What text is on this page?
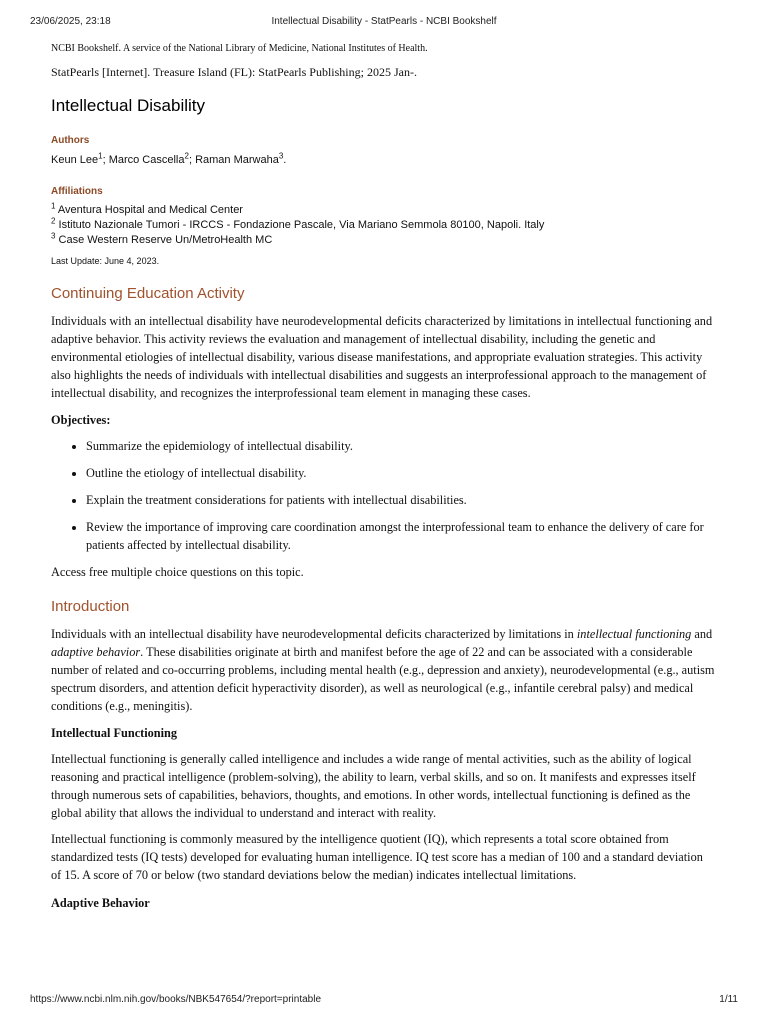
23/06/2025, 23:18	Intellectual Disability - StatPearls - NCBI Bookshelf

NCBI Bookshelf. A service of the National Library of Medicine, National Institutes of Health.

StatPearls [Internet]. Treasure Island (FL): StatPearls Publishing; 2025 Jan-.

Intellectual Disability

Authors

Keun Lee$^1$; Marco Cascella$^2$; Raman Marwaha$^3$.

Affiliations

$^1$ Aventura Hospital and Medical Center
$^2$ Istituto Nazionale Tumori - IRCCS - Fondazione Pascale, Via Mariano Semmola 80100, Napoli. Italy
$^3$ Case Western Reserve Un/MetroHealth MC

Last Update: June 4, 2023.

Continuing Education Activity

Individuals with an intellectual disability have neurodevelopmental deficits characterized by limitations in intellectual functioning and adaptive behavior. This activity reviews the evaluation and management of intellectual disability, including the genetic and environmental etiologies of intellectual disability, various disease manifestations, and appropriate evaluation strategies. This activity also highlights the needs of individuals with intellectual disabilities and suggests an interprofessional approach to the management of intellectual disability, and recognizes the interprofessional team element in managing these cases.

Objectives:
• Summarize the epidemiology of intellectual disability.
• Outline the etiology of intellectual disability.
• Explain the treatment considerations for patients with intellectual disabilities.
• Review the importance of improving care coordination amongst the interprofessional team to enhance the delivery of care for patients affected by intellectual disability.

Access free multiple choice questions on this topic.

Introduction

Individuals with an intellectual disability have neurodevelopmental deficits characterized by limitations in intellectual functioning and adaptive behavior. These disabilities originate at birth and manifest before the age of 22 and can be associated with a considerable number of related and co-occurring problems, including mental health (e.g., depression and anxiety), neurodevelopmental (e.g., autism spectrum disorders, and attention deficit hyperactivity disorder), as well as neurological (e.g., infantile cerebral palsy) and medical conditions (e.g., meningitis).

Intellectual Functioning

Intellectual functioning is generally called intelligence and includes a wide range of mental activities, such as the ability of logical reasoning and practical intelligence (problem-solving), the ability to learn, verbal skills, and so on. It manifests and expresses itself through numerous sets of capabilities, behaviors, thoughts, and emotions. In other words, intellectual functioning is defined as the global ability that allows the individual to understand and interact with reality.

Intellectual functioning is commonly measured by the intelligence quotient (IQ), which represents a total score obtained from standardized tests (IQ tests) developed for evaluating human intelligence. IQ test score has a median of 100 and a standard deviation of 15. A score of 70 or below (two standard deviations below the median) indicates intellectual limitations.

Adaptive Behavior
https://www.ncbi.nlm.nih.gov/books/NBK547654/?report=printable	1/11
